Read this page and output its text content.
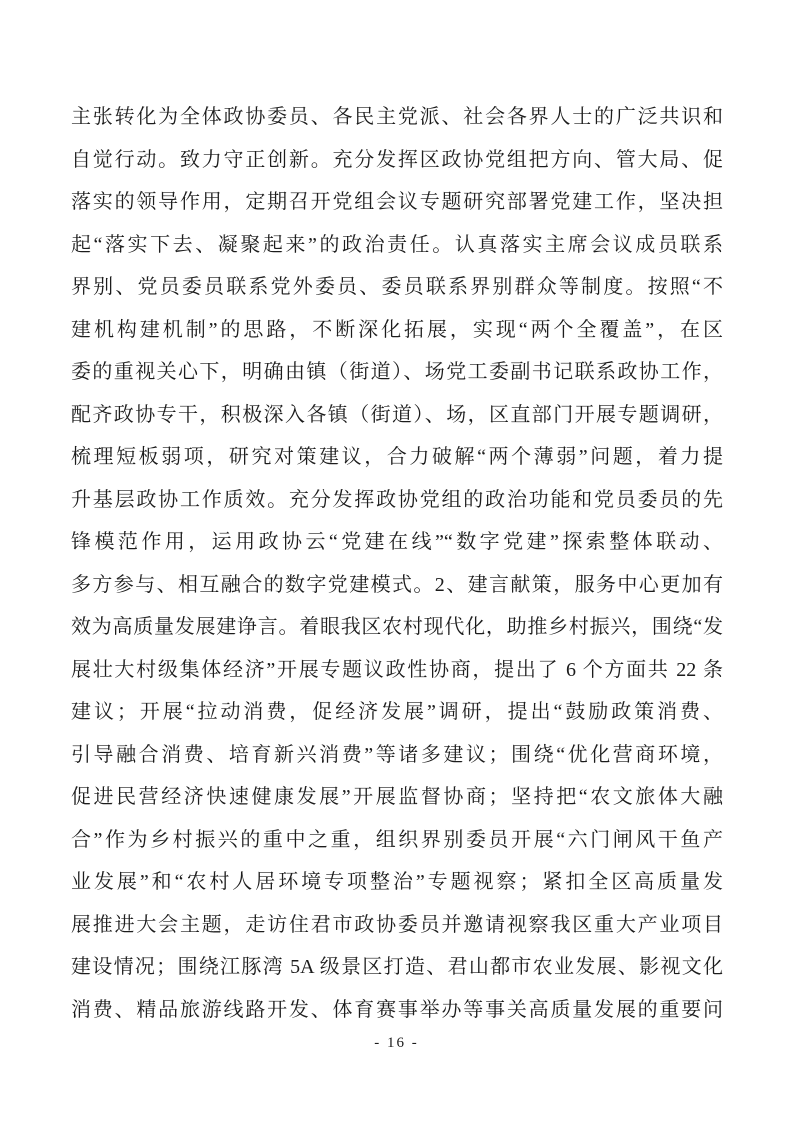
主张转化为全体政协委员、各民主党派、社会各界人士的广泛共识和
自觉行动。致力守正创新。充分发挥区政协党组把方向、管大局、促
落实的领导作用，定期召开党组会议专题研究部署党建工作，坚决担
起“落实下去、凝聚起来”的政治责任。认真落实主席会议成员联系
界别、党员委员联系党外委员、委员联系界别群众等制度。按照“不
建机构建机制”的思路，不断深化拓展，实现“两个全覆盖”，在区
委的重视关心下，明确由镇（街道）、场党工委副书记联系政协工作，
配齐政协专干，积极深入各镇（街道）、场，区直部门开展专题调研，
梳理短板弱项，研究对策建议，合力破解“两个薄弱”问题，着力提
升基层政协工作质效。充分发挥政协党组的政治功能和党员委员的先
锋模范作用，运用政协云“党建在线”“数字党建”探索整体联动、
多方参与、相互融合的数字党建模式。2、建言献策，服务中心更加有
效为高质量发展建诤言。着眼我区农村现代化，助推乡村振兴，围绕“发
展壮大村级集体经济”开展专题议政性协商，提出了 6 个方面共 22 条
建议；开展“拉动消费，促经济发展”调研，提出“鼓励政策消费、
引导融合消费、培育新兴消费”等诸多建议；围绕“优化营商环境，
促进民营经济快速健康发展”开展监督协商；坚持把“农文旅体大融
合”作为乡村振兴的重中之重，组织界别委员开展“六门闸风干鱼产
业发展”和“农村人居环境专项整治”专题视察；紧扣全区高质量发
展推进大会主题，走访住君市政协委员并邀请视察我区重大产业项目
建设情况；围绕江豚湾 5A 级景区打造、君山都市农业发展、影视文化
消费、精品旅游线路开发、体育赛事举办等事关高质量发展的重要问
- 16 -
